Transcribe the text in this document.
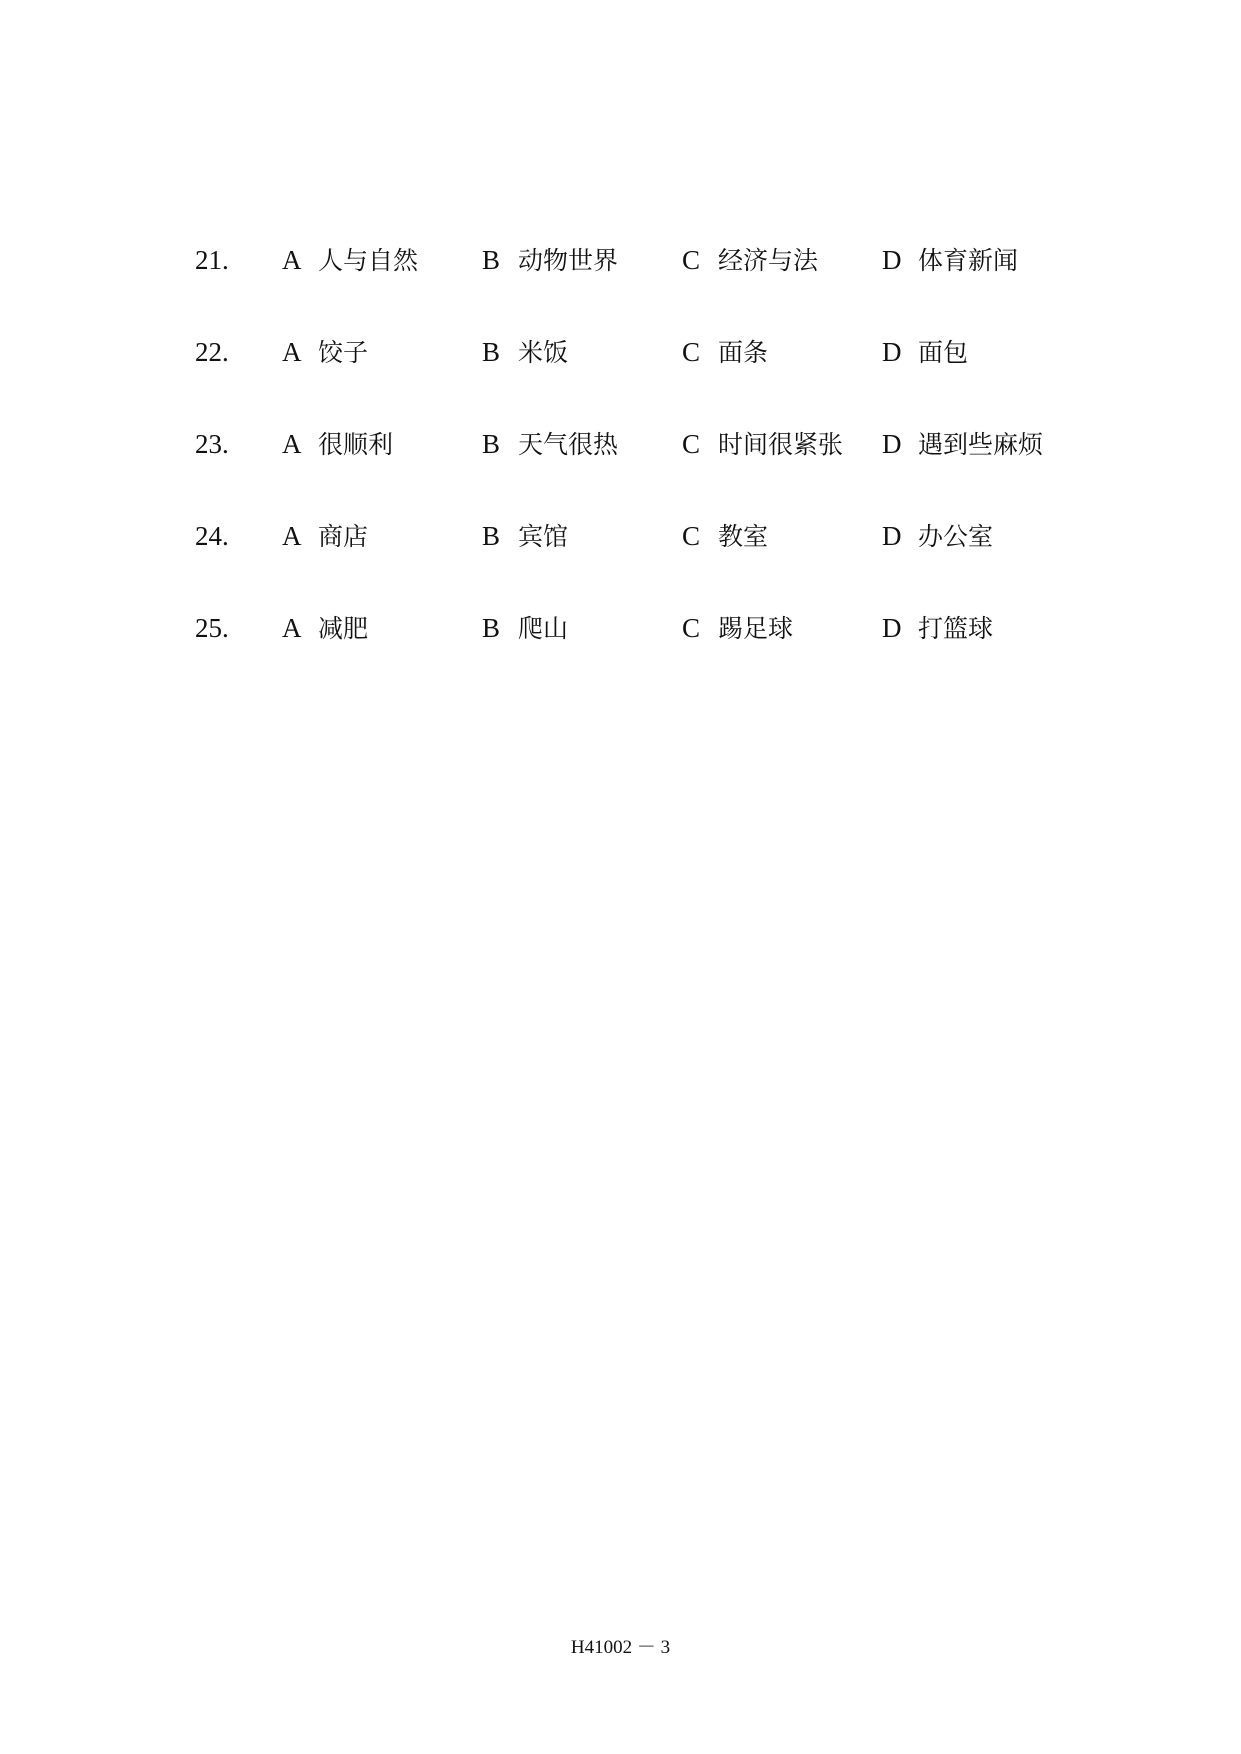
21. A 人与自然 B 动物世界 C 经济与法 D 体育新闻
22. A 饺子	B 米饭	C 面条	D 面包
23. A 很顺利	B 天气很热 C 时间很紧张 D 遇到些麻烦
24. A 商店	B 宾馆	C 教室	D 办公室
25. A 减肥	B 爬山	C 踢足球	D 打篮球
H41002 － 3
